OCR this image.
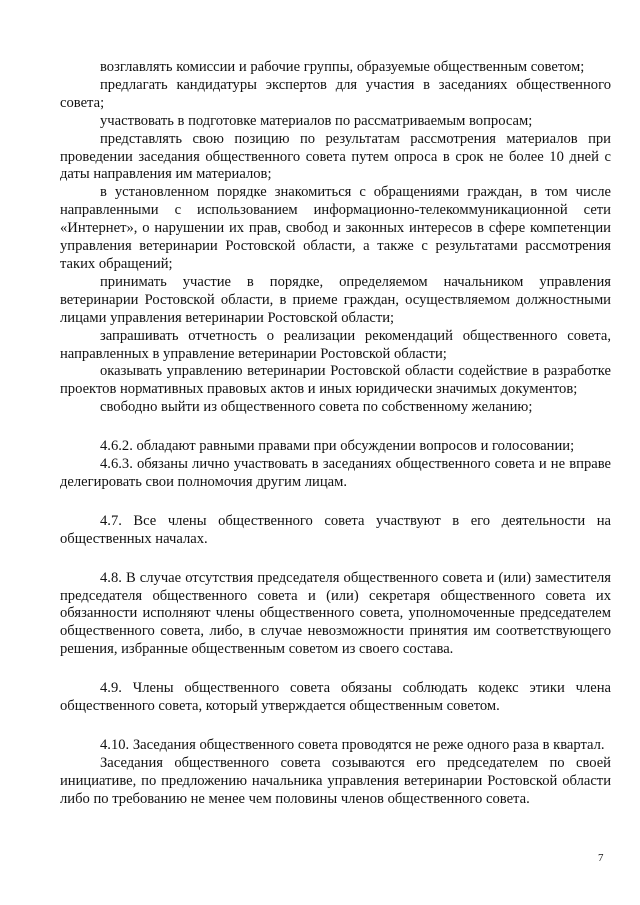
возглавлять комиссии и рабочие группы, образуемые общественным советом;

предлагать кандидатуры экспертов для участия в заседаниях общественного совета;

участвовать в подготовке материалов по рассматриваемым вопросам;

представлять свою позицию по результатам рассмотрения материалов при проведении заседания общественного совета путем опроса в срок не более 10 дней с даты направления им материалов;

в установленном порядке знакомиться с обращениями граждан, в том числе направленными с использованием информационно-телекоммуникационной сети «Интернет», о нарушении их прав, свобод и законных интересов в сфере компетенции управления ветеринарии Ростовской области, а также с результатами рассмотрения таких обращений;

принимать участие в порядке, определяемом начальником управления ветеринарии Ростовской области, в приеме граждан, осуществляемом должностными лицами управления ветеринарии Ростовской области;

запрашивать отчетность о реализации рекомендаций общественного совета, направленных в управление ветеринарии Ростовской области;

оказывать управлению ветеринарии Ростовской области содействие в разработке проектов нормативных правовых актов и иных юридически значимых документов;

свободно выйти из общественного совета по собственному желанию;

4.6.2. обладают равными правами при обсуждении вопросов и голосовании;

4.6.3. обязаны лично участвовать в заседаниях общественного совета и не вправе делегировать свои полномочия другим лицам.

4.7. Все члены общественного совета участвуют в его деятельности на общественных началах.

4.8. В случае отсутствия председателя общественного совета и (или) заместителя председателя общественного совета и (или) секретаря общественного совета их обязанности исполняют члены общественного совета, уполномоченные председателем общественного совета, либо, в случае невозможности принятия им соответствующего решения, избранные общественным советом из своего состава.

4.9. Члены общественного совета обязаны соблюдать кодекс этики члена общественного совета, который утверждается общественным советом.

4.10. Заседания общественного совета проводятся не реже одного раза в квартал.

Заседания общественного совета созываются его председателем по своей инициативе, по предложению начальника управления ветеринарии Ростовской области либо по требованию не менее чем половины членов общественного совета.

7
